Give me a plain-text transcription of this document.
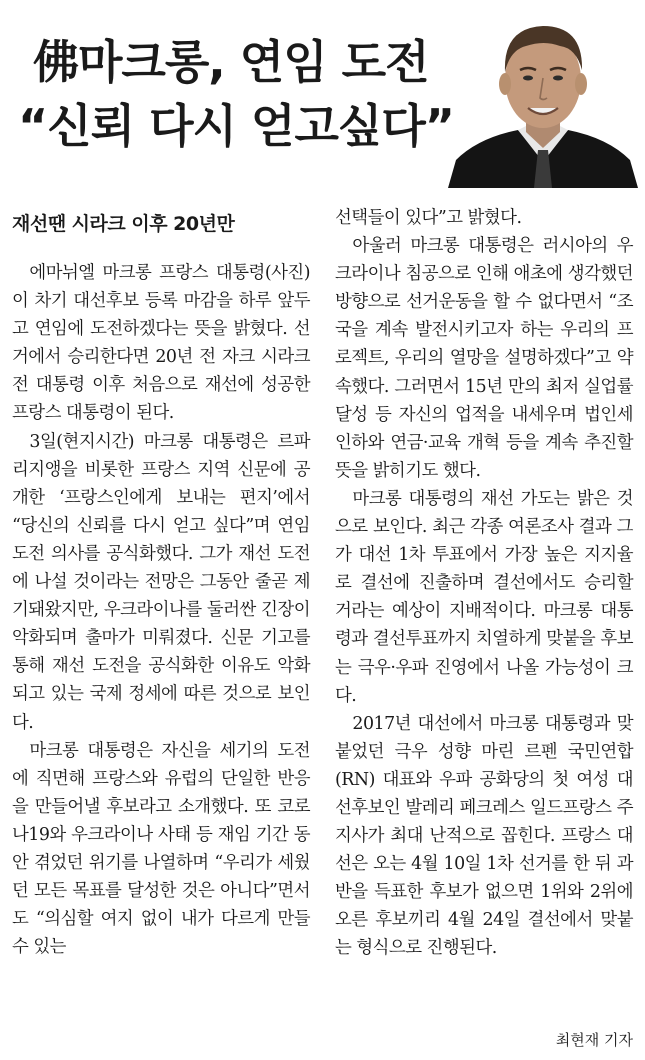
佛마크롱, 연임 도전
“신뢰 다시 얻고싶다”
재선땐 시라크 이후 20년만

에마뉘엘 마크롱 프랑스 대통령(사진) 이 차기 대선후보 등록 마감을 하루 앞두고 연임에 도전하겠다는 뜻을 밝혔다. 선거에서 승리한다면 20년 전 자크 시라크 전 대통령 이후 처음으로 재선에 성공한 프랑스 대통령이 된다.

3일(현지시간) 마크롱 대통령은 르파리지앵을 비롯한 프랑스 지역 신문에 공개한 ‘프랑스인에게 보내는 편지’에서 “당신의 신뢰를 다시 얻고 싶다”며 연임 도전 의사를 공식화했다. 그가 재선 도전에 나설 것이라는 전망은 그동안 줄곧 제기돼왔지만, 우크라이나를 둘러싼 긴장이 악화되며 출마가 미뤄졌다. 신문 기고를 통해 재선 도전을 공식화한 이유도 악화되고 있는 국제 정세에 따른 것으로 보인다.

마크롱 대통령은 자신을 세기의 도전에 직면해 프랑스와 유럽의 단일한 반응을 만들어낼 후보라고 소개했다. 또 코로나19와 우크라이나 사태 등 재임 기간 동안 겪었던 위기를 나열하며 “우리가 세웠던 모든 목표를 달성한 것은 아니다”면서도 “의심할 여지 없이 내가 다르게 만들 수 있는

선택들이 있다”고 밝혔다.

아울러 마크롱 대통령은 러시아의 우크라이나 침공으로 인해 애초에 생각했던 방향으로 선거운동을 할 수 없다면서 “조국을 계속 발전시키고자 하는 우리의 프로젝트, 우리의 열망을 설명하겠다”고 약속했다. 그러면서 15년 만의 최저 실업률 달성 등 자신의 업적을 내세우며 법인세 인하와 연금·교육 개혁 등을 계속 추진할 뜻을 밝히기도 했다.

마크롱 대통령의 재선 가도는 밝은 것으로 보인다. 최근 각종 여론조사 결과 그가 대선 1차 투표에서 가장 높은 지지율로 결선에 진출하며 결선에서도 승리할 거라는 예상이 지배적이다. 마크롱 대통령과 결선투표까지 치열하게 맞붙을 후보는 극우·우파 진영에서 나올 가능성이 크다.

2017년 대선에서 마크롱 대통령과 맞붙었던 극우 성향 마린 르펜 국민연합(RN) 대표와 우파 공화당의 첫 여성 대선후보인 발레리 페크레스 일드프랑스 주지사가 최대 난적으로 꼽힌다. 프랑스 대선은 오는 4월 10일 1차 선거를 한 뒤 과반을 득표한 후보가 없으면 1위와 2위에 오른 후보끼리 4월 24일 결선에서 맞붙는 형식으로 진행된다.

최현재 기자
